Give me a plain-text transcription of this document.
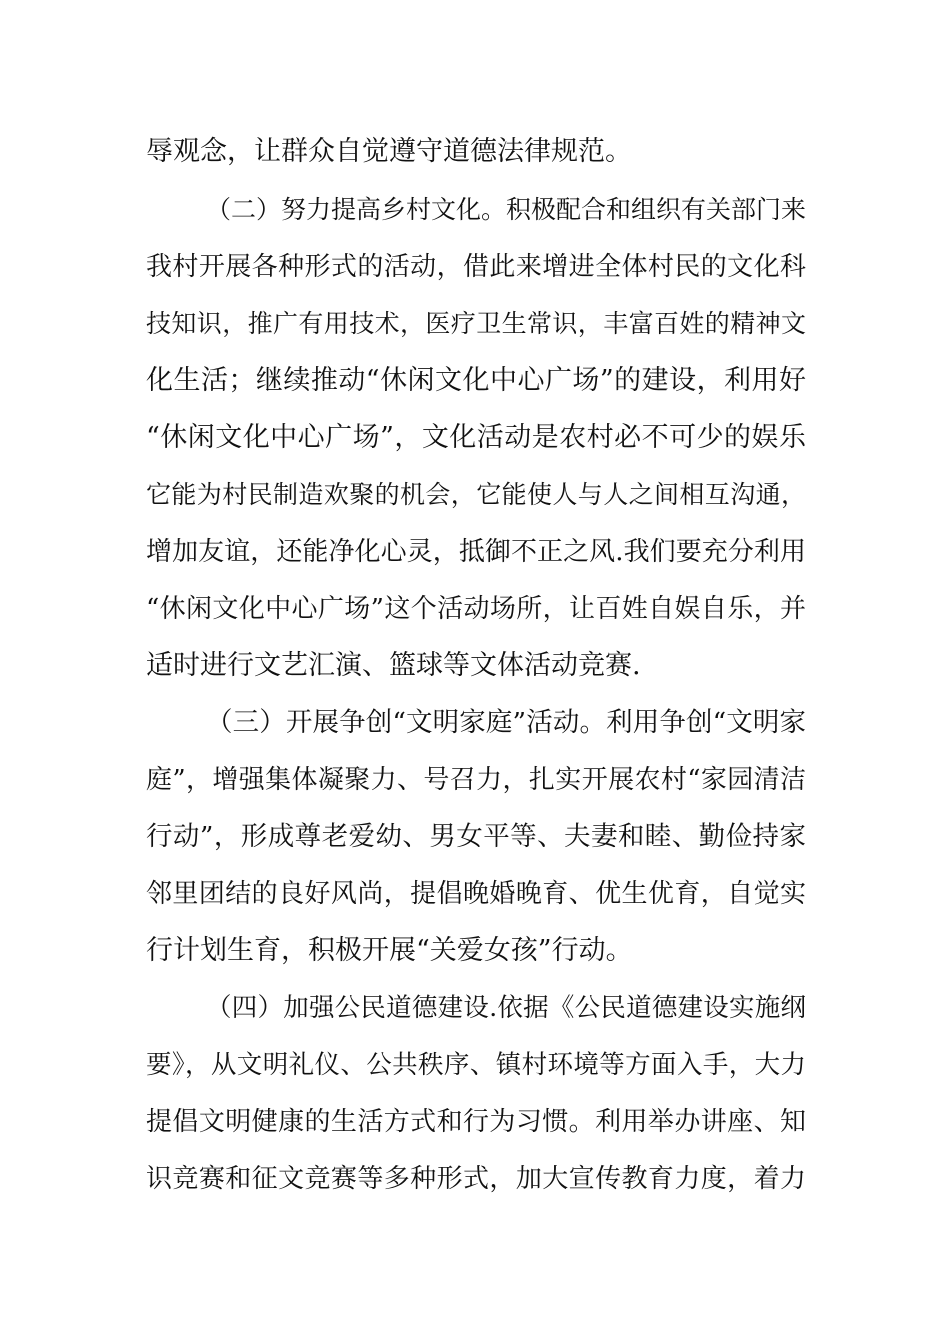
辱观念，让群众自觉遵守道德法律规范。
（二）努力提高乡村文化。积极配合和组织有关部门来
我村开展各种形式的活动，借此来增进全体村民的文化科
技知识，推广有用技术，医疗卫生常识，丰富百姓的精神文
化生活；继续推动“休闲文化中心广场”的建设，利用好
“休闲文化中心广场”，文化活动是农村必不可少的娱乐
它能为村民制造欢聚的机会，它能使人与人之间相互沟通，
增加友谊，还能净化心灵，抵御不正之风.我们要充分利用
“休闲文化中心广场”这个活动场所，让百姓自娱自乐，并
适时进行文艺汇演、篮球等文体活动竞赛.
（三）开展争创“文明家庭”活动。利用争创“文明家
庭”，增强集体凝聚力、号召力，扎实开展农村“家园清洁
行动”，形成尊老爱幼、男女平等、夫妻和睦、勤俭持家
邻里团结的良好风尚，提倡晚婚晚育、优生优育，自觉实
行计划生育，积极开展“关爱女孩”行动。
（四）加强公民道德建设.依据《公民道德建设实施纲
要》，从文明礼仪、公共秩序、镇村环境等方面入手，大力
提倡文明健康的生活方式和行为习惯。利用举办讲座、知
识竞赛和征文竞赛等多种形式，加大宣传教育力度，着力
